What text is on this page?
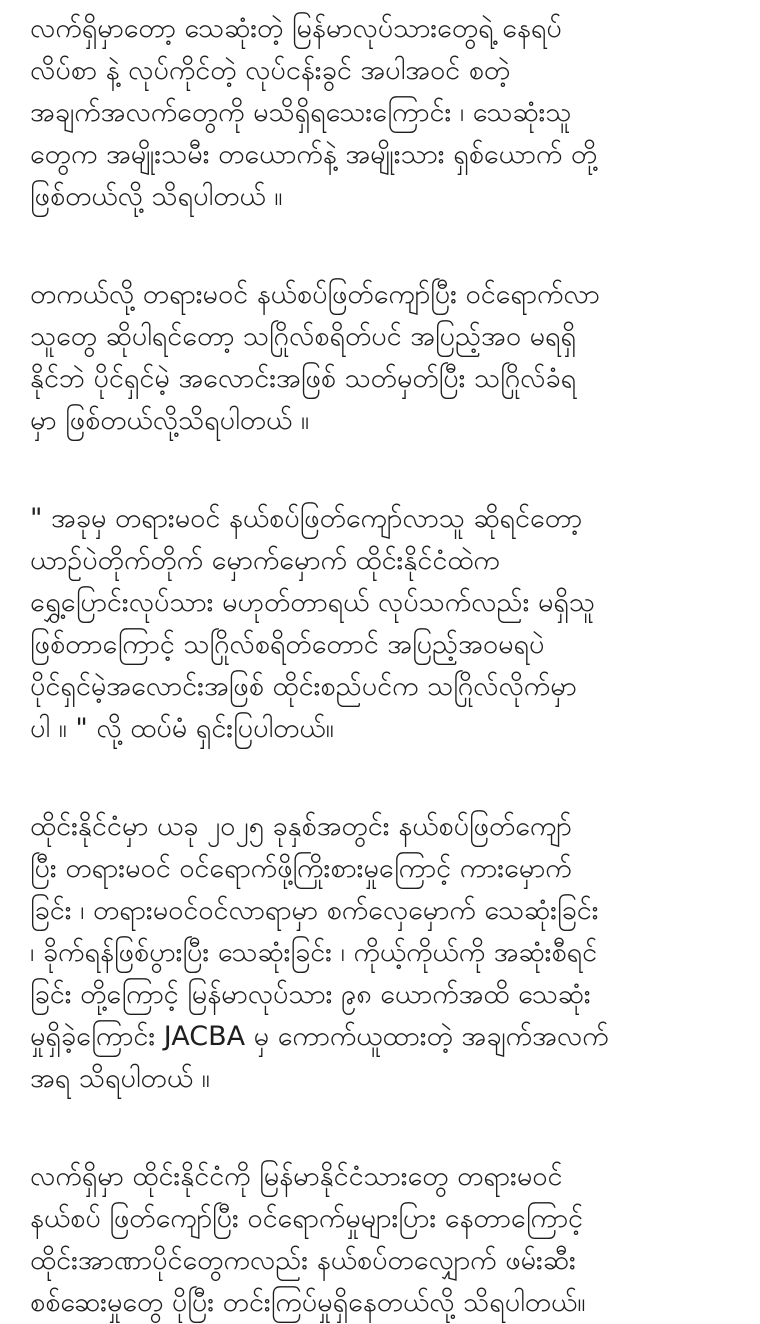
လက်ရှိမှာတော့ သေဆုံးတဲ့ မြန်မာလုပ်သားတွေရဲ့ နေရပ်
လိပ်စာ နဲ့ လုပ်ကိုင်တဲ့ လုပ်ငန်းခွင် အပါအဝင် စတဲ့
အချက်အလက်တွေကို မသိရှိရသေးကြောင်း ၊ သေဆုံးသူ
တွေက အမျိုးသမီး တယောက်နဲ့ အမျိုးသား ရှစ်ယောက် တို့
ဖြစ်တယ်လို့ သိရပါတယ် ။
တကယ်လို့ တရားမဝင် နယ်စပ်ဖြတ်ကျော်ပြီး ဝင်ရောက်လာ
သူတွေ ဆိုပါရင်တော့ သဂြိုလ်စရိတ်ပင် အပြည့်အဝ မရရှိ
နိုင်ဘဲ ပိုင်ရှင်မဲ့ အလောင်းအဖြစ် သတ်မှတ်ပြီး သဂြိုလ်ခံရ
မှာ ဖြစ်တယ်လို့သိရပါတယ် ။
" အခုမှ တရားမဝင် နယ်စပ်ဖြတ်ကျော်လာသူ ဆိုရင်တော့
ယာဉ်ပဲတိုက်တိုက် မှောက်မှောက် ထိုင်းနိုင်ငံထဲက
ရွှေ့ပြောင်းလုပ်သား မဟုတ်တာရယ် လုပ်သက်လည်း မရှိသူ
ဖြစ်တာကြောင့် သဂြိုလ်စရိတ်တောင် အပြည့်အဝမရပဲ
ပိုင်ရှင်မဲ့အလောင်းအဖြစ် ထိုင်းစည်ပင်က သဂြိုလ်လိုက်မှာ
ပါ ။ " လို့ ထပ်မံ ရှင်းပြပါတယ်။
ထိုင်းနိုင်ငံမှာ ယခု ၂၀၂၅ ခုနှစ်အတွင်း နယ်စပ်ဖြတ်ကျော်
ပြီး တရားမဝင် ဝင်ရောက်ဖို့ကြိုးစားမှုကြောင့် ကားမှောက်
ခြင်း ၊ တရားမဝင်ဝင်လာရာမှာ စက်လှေမှောက် သေဆုံးခြင်း
၊ ခိုက်ရန်ဖြစ်ပွားပြီး သေဆုံးခြင်း ၊ ကိုယ့်ကိုယ်ကို အဆုံးစီရင်
ခြင်း တို့ကြောင့် မြန်မာလုပ်သား ၉၈ ယောက်အထိ သေဆုံး
မှုရှိခဲ့ကြောင်း JACBA မှ ကောက်ယူထားတဲ့ အချက်အလက်
အရ သိရပါတယ် ။
လက်ရှိမှာ ထိုင်းနိုင်ငံကို မြန်မာနိုင်ငံသားတွေ တရားမဝင်
နယ်စပ် ဖြတ်ကျော်ပြီး ဝင်ရောက်မှုများပြား နေတာကြောင့်
ထိုင်းအာဏာပိုင်တွေကလည်း နယ်စပ်တလျှောက် ဖမ်းဆီး
စစ်ဆေးမှုတွေ ပိုပြီး တင်းကြပ်မှုရှိနေတယ်လို့ သိရပါတယ်။
